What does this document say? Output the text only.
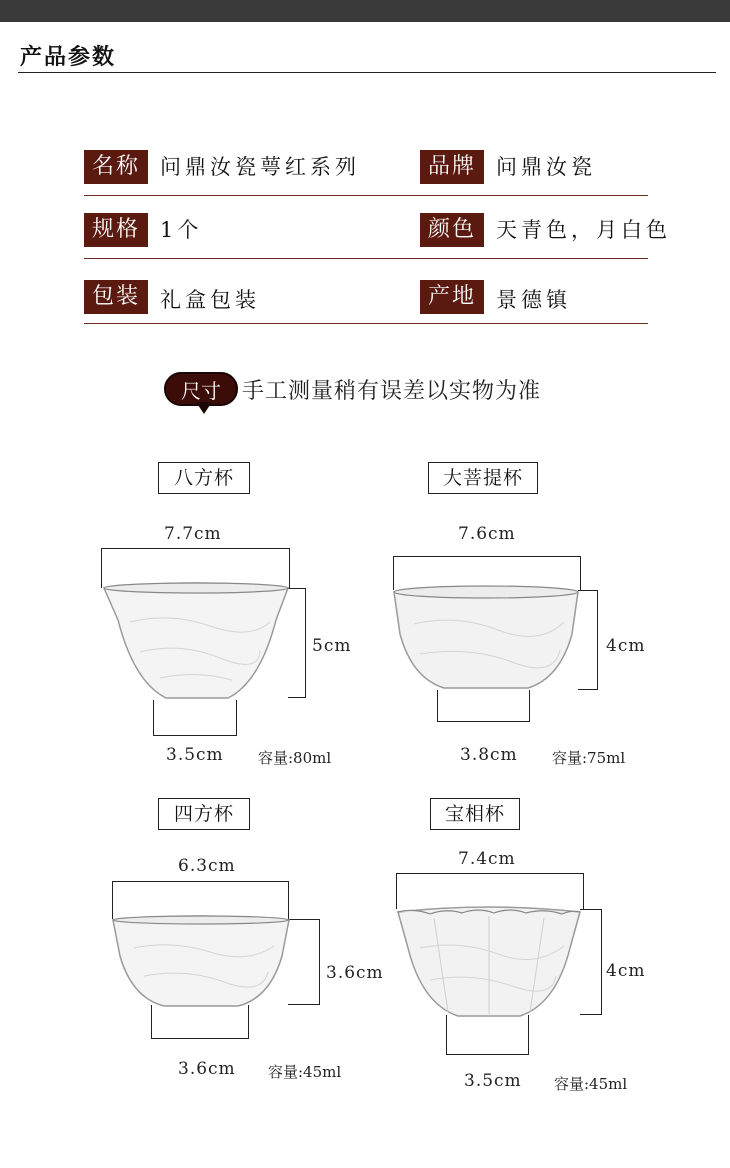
产品参数
名称 问鼎汝瓷萼红系列	品牌 问鼎汝瓷
规格 1个	颜色 天青色，月白色
包装 礼盒包装	产地 景德镇
尺寸 手工测量稍有误差以实物为准
八方杯
7.7cm
5cm
3.5cm 容量:80ml
大菩提杯
7.6cm
4cm
3.8cm 容量:75ml
四方杯
6.3cm
3.6cm
3.6cm 容量:45ml
宝相杯
7.4cm
4cm
3.5cm 容量:45ml
